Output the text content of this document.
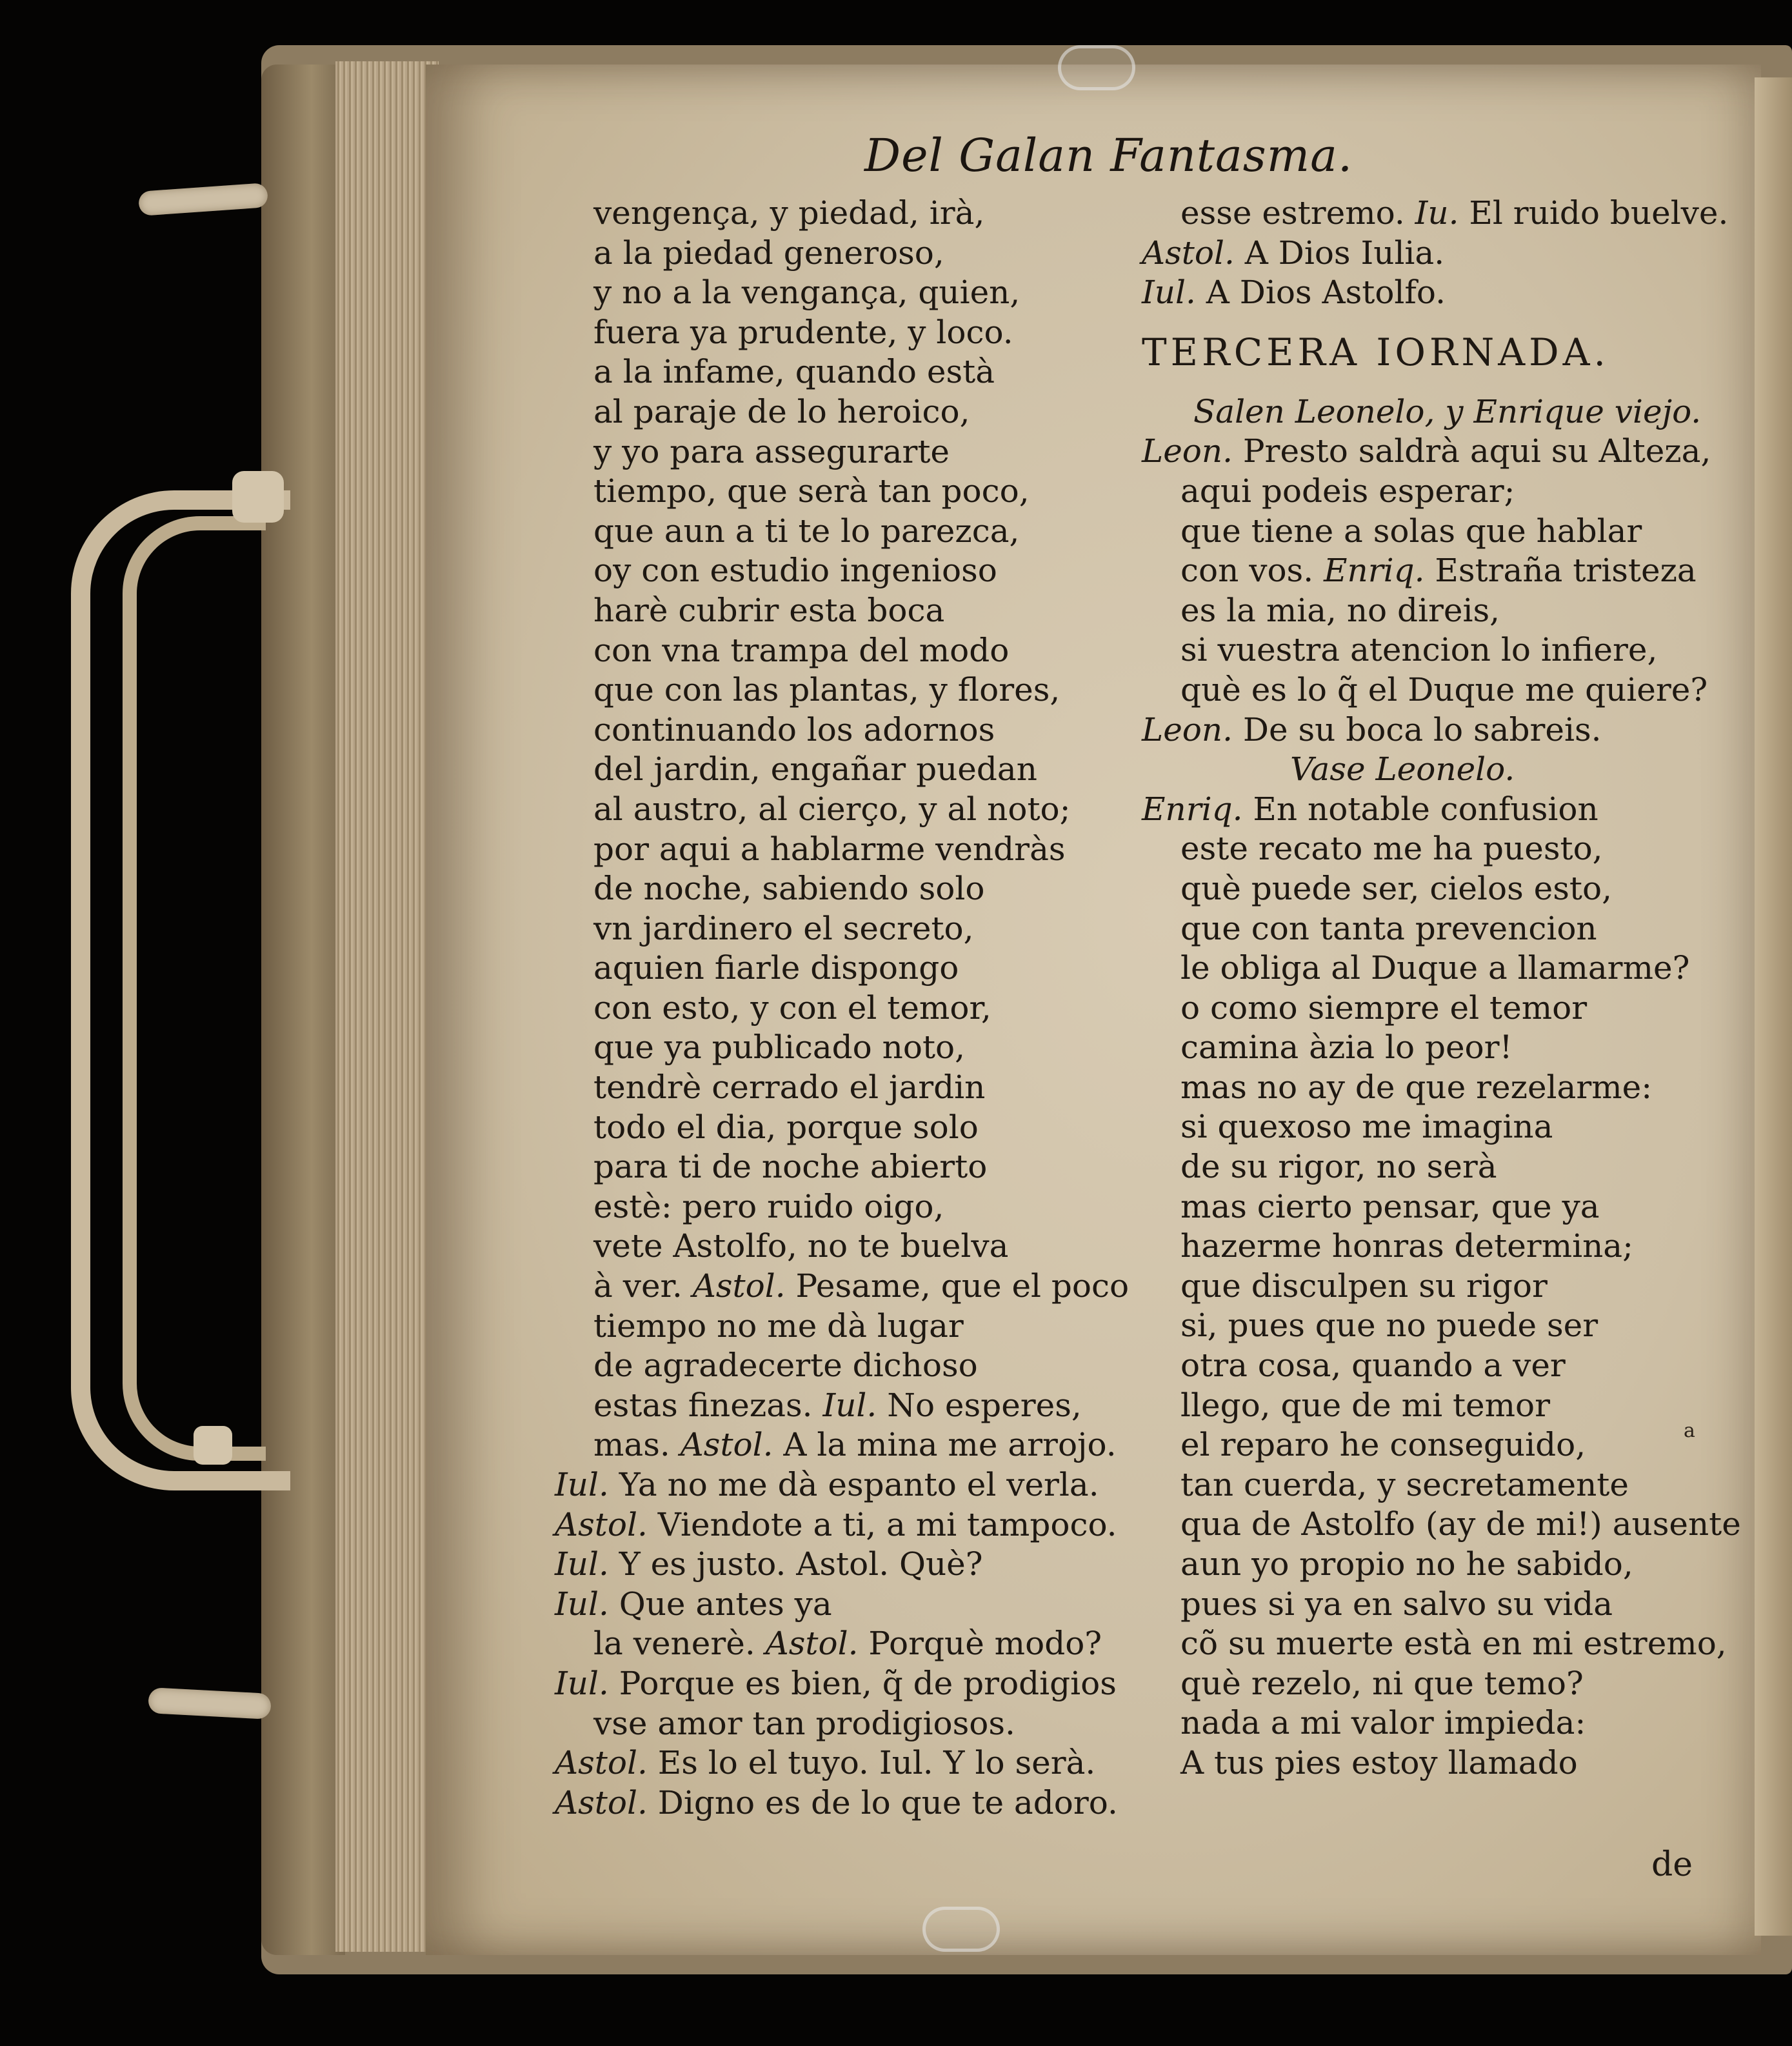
Del Galan Fantasma.
vengença, y piedad, irà,
a la piedad generoso,
y no a la vengança, quien,
fuera ya prudente, y loco.
a la infame, quando està
al paraje de lo heroico,
y yo para assegurarte
tiempo, que serà tan poco,
que aun a ti te lo parezca,
oy con estudio ingenioso
harè cubrir esta boca
con vna trampa del modo
que con las plantas, y flores,
continuando los adornos
del jardin, engañar puedan
al austro, al cierço, y al noto;
por aqui a hablarme vendràs
de noche, sabiendo solo
vn jardinero el secreto,
aquien fiarle dispongo
con esto, y con el temor,
que ya publicado noto,
tendrè cerrado el jardin
todo el dia, porque solo
para ti de noche abierto
estè: pero ruido oigo,
vete Astolfo, no te buelva
à ver. Astol. Pesame, que el poco
tiempo no me dà lugar
de agradecerte dichoso
estas finezas. Iul. No esperes,
mas. Astol. A la mina me arrojo.
Iul. Ya no me dà espanto el verla.
Astol. Viendote a ti, a mi tampoco.
Iul. Y es justo. Astol. Què?
Iul. Que antes ya
la venerè. Astol. Porquè modo?
Iul. Porque es bien, q̃ de prodigios
vse amor tan prodigiosos.
Astol. Es lo el tuyo. Iul. Y lo serà.
Astol. Digno es de lo que te adoro.
esse estremo. Iu. El ruido buelve.
Astol. A Dios Iulia.
Iul. A Dios Astolfo.
TERCERA IORNADA.
Salen Leonelo, y Enrique viejo.
Leon. Presto saldrà aqui su Alteza,
aqui podeis esperar;
que tiene a solas que hablar
con vos. Enriq. Estraña tristeza
es la mia, no direis,
si vuestra atencion lo infiere,
què es lo q̃ el Duque me quiere?
Leon. De su boca lo sabreis.
Vase Leonelo.
Enriq. En notable confusion
este recato me ha puesto,
què puede ser, cielos esto,
que con tanta prevencion
le obliga al Duque a llamarme?
o como siempre el temor
camina àzia lo peor!
mas no ay de que rezelarme:
si quexoso me imagina
de su rigor, no serà
mas cierto pensar, que ya
hazerme honras determina;
que disculpen su rigor
si, pues que no puede ser
otra cosa, quando a ver
llego, que de mi temor
el reparo he conseguido,
tan cuerda, y secretamente
qua de Astolfo (ay de mi!) ausente
aun yo propio no he sabido,
pues si ya en salvo su vida
cõ su muerte està en mi estremo,
què rezelo, ni que temo?
nada a mi valor impieda:
A tus pies estoy llamado
de
a
